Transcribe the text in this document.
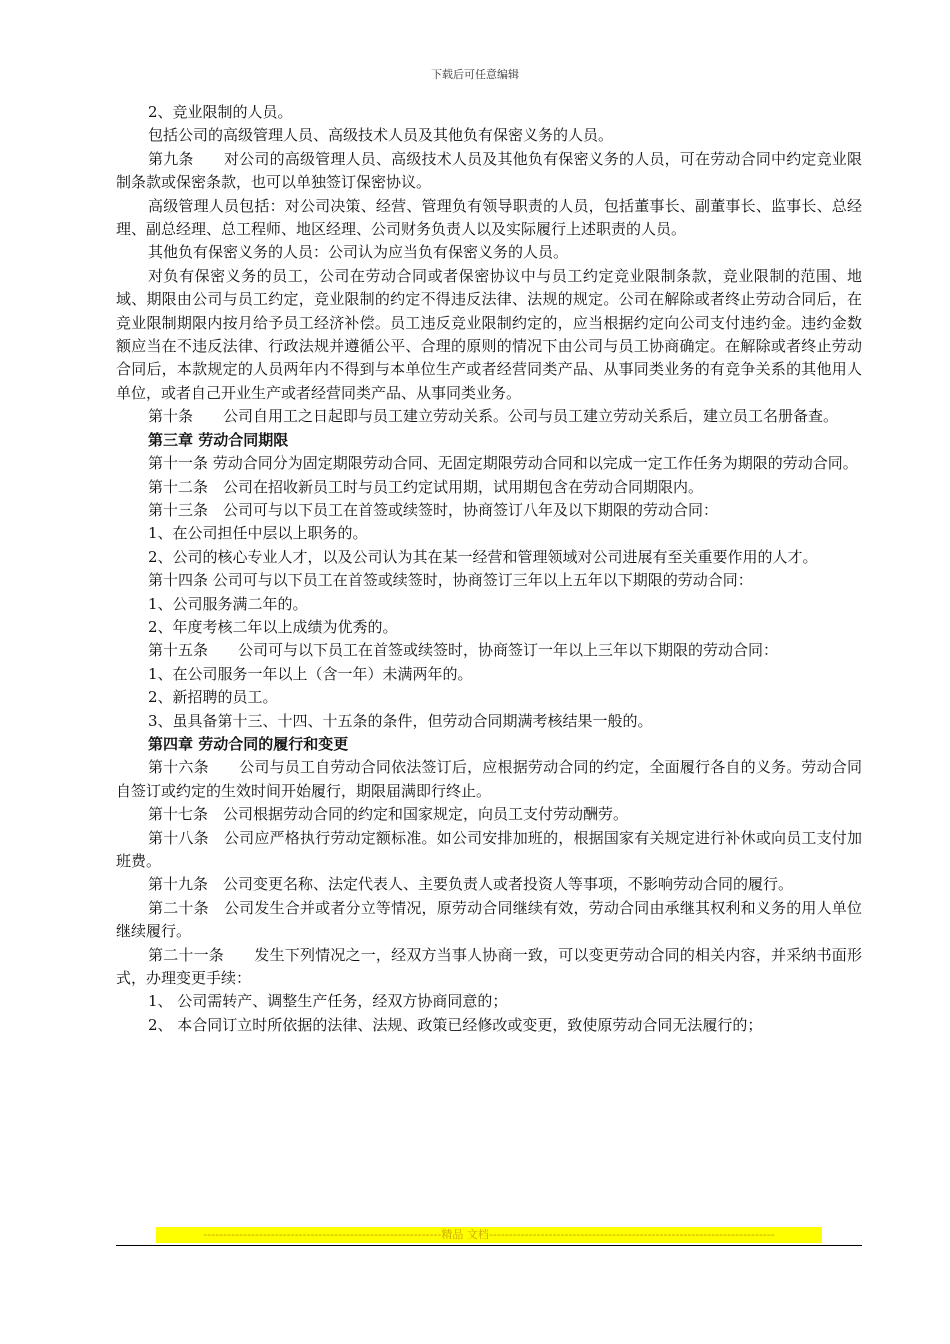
下载后可任意编辑

2、竞业限制的人员。

包括公司的高级管理人员、高级技术人员及其他负有保密义务的人员。

第九条　　对公司的高级管理人员、高级技术人员及其他负有保密义务的人员，可在劳动合同中约定竞业限制条款或保密条款，也可以单独签订保密协议。

高级管理人员包括：对公司决策、经营、管理负有领导职责的人员，包括董事长、副董事长、监事长、总经理、副总经理、总工程师、地区经理、公司财务负责人以及实际履行上述职责的人员。

其他负有保密义务的人员：公司认为应当负有保密义务的人员。

对负有保密义务的员工，公司在劳动合同或者保密协议中与员工约定竞业限制条款，竞业限制的范围、地域、期限由公司与员工约定，竞业限制的约定不得违反法律、法规的规定。公司在解除或者终止劳动合同后，在竞业限制期限内按月给予员工经济补偿。员工违反竞业限制约定的，应当根据约定向公司支付违约金。违约金数额应当在不违反法律、行政法规并遵循公平、合理的原则的情况下由公司与员工协商确定。在解除或者终止劳动合同后，本款规定的人员两年内不得到与本单位生产或者经营同类产品、从事同类业务的有竞争关系的其他用人单位，或者自己开业生产或者经营同类产品、从事同类业务。

第十条　　公司自用工之日起即与员工建立劳动关系。公司与员工建立劳动关系后，建立员工名册备查。

第三章 劳动合同期限

第十一条 劳动合同分为固定期限劳动合同、无固定期限劳动合同和以完成一定工作任务为期限的劳动合同。

第十二条　公司在招收新员工时与员工约定试用期，试用期包含在劳动合同期限内。

第十三条　公司可与以下员工在首签或续签时，协商签订八年及以下期限的劳动合同：

1、在公司担任中层以上职务的。

2、公司的核心专业人才，以及公司认为其在某一经营和管理领域对公司进展有至关重要作用的人才。

第十四条 公司可与以下员工在首签或续签时，协商签订三年以上五年以下期限的劳动合同：

1、公司服务满二年的。

2、年度考核二年以上成绩为优秀的。

第十五条　　公司可与以下员工在首签或续签时，协商签订一年以上三年以下期限的劳动合同：

1、在公司服务一年以上（含一年）未满两年的。

2、新招聘的员工。

3、虽具备第十三、十四、十五条的条件，但劳动合同期满考核结果一般的。

第四章 劳动合同的履行和变更

第十六条　　公司与员工自劳动合同依法签订后，应根据劳动合同的约定，全面履行各自的义务。劳动合同自签订或约定的生效时间开始履行，期限届满即行终止。

第十七条　公司根据劳动合同的约定和国家规定，向员工支付劳动酬劳。

第十八条　公司应严格执行劳动定额标准。如公司安排加班的，根据国家有关规定进行补休或向员工支付加班费。

第十九条　公司变更名称、法定代表人、主要负责人或者投资人等事项，不影响劳动合同的履行。

第二十条　公司发生合并或者分立等情况，原劳动合同继续有效，劳动合同由承继其权利和义务的用人单位继续履行。

第二十一条　　发生下列情况之一，经双方当事人协商一致，可以变更劳动合同的相关内容，并采纳书面形式，办理变更手续：

1、 公司需转产、调整生产任务，经双方协商同意的；

2、 本合同订立时所依据的法律、法规、政策已经修改或变更，致使原劳动合同无法履行的；

------------------------------------------------------------精品 文档------------------------------------------------------------------------
